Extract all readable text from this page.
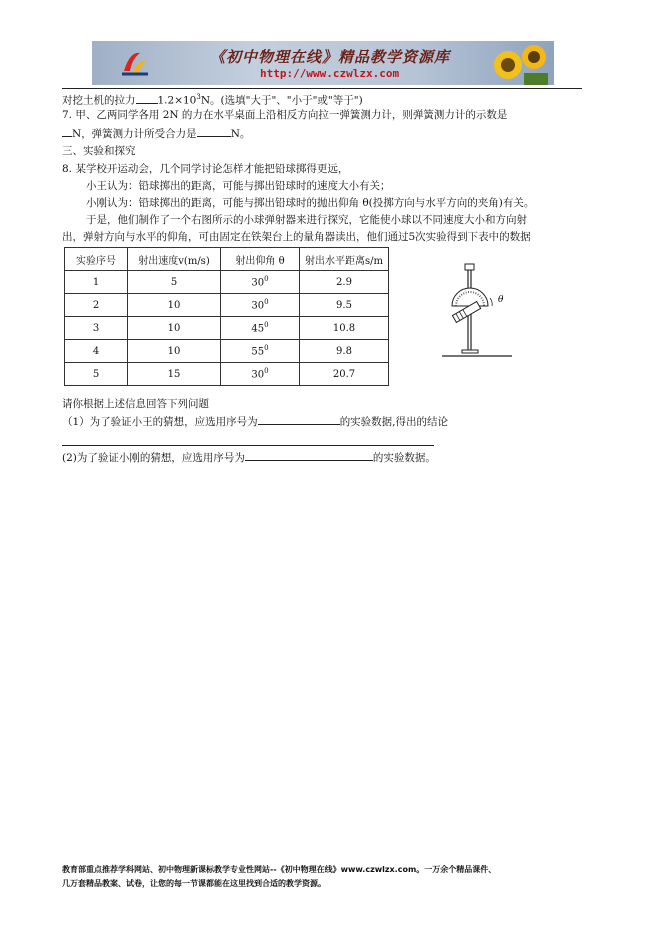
《初中物理在线》精品教学资源库
http://www.czwlzx.com
对挖土机的拉力 $1.2\times 10^3N$。(选填"大于"、"小于"或"等于")
7. 甲、乙两同学各用 2N 的力在水平桌面上沿相反方向拉一弹簧测力计，则弹簧测力计的示数是
N，弹簧测力计所受合力是	N。
三、实验和探究
8. 某学校开运动会，几个同学讨论怎样才能把铅球掷得更远，
小王认为：铅球掷出的距离，可能与掷出铅球时的速度大小有关；
小刚认为：铅球掷出的距离，可能与掷出铅球时的抛出仰角 θ(投掷方向与水平方向的夹角)有关。
于是，他们制作了一个右图所示的小球弹射器来进行探究，它能使小球以不同速度大小和方向射
出，弹射方向与水平的仰角，可由固定在铁架台上的量角器读出，他们通过5次实验得到下表中的数据
实验序号	射出速度v(m/s)	射出仰角 θ	射出水平距离s/m
1	5	$30^0$	2.9
2	10	$30^0$	9.5
3	10	$45^0$	10.8
4	10	$55^0$	9.8
5	15	$30^0$	20.7
θ
请你根据上述信息回答下列问题
（1）为了验证小王的猜想，应选用序号为	的实验数据,得出的结论
(2)为了验证小刚的猜想，应选用序号为	的实验数据。
教育部重点推荐学科网站、初中物理新课标教学专业性网站--《初中物理在线》www.czwlzx.com。一万余个精品课件、
几万套精品教案、试卷，让您的每一节课都能在这里找到合适的教学资源。
